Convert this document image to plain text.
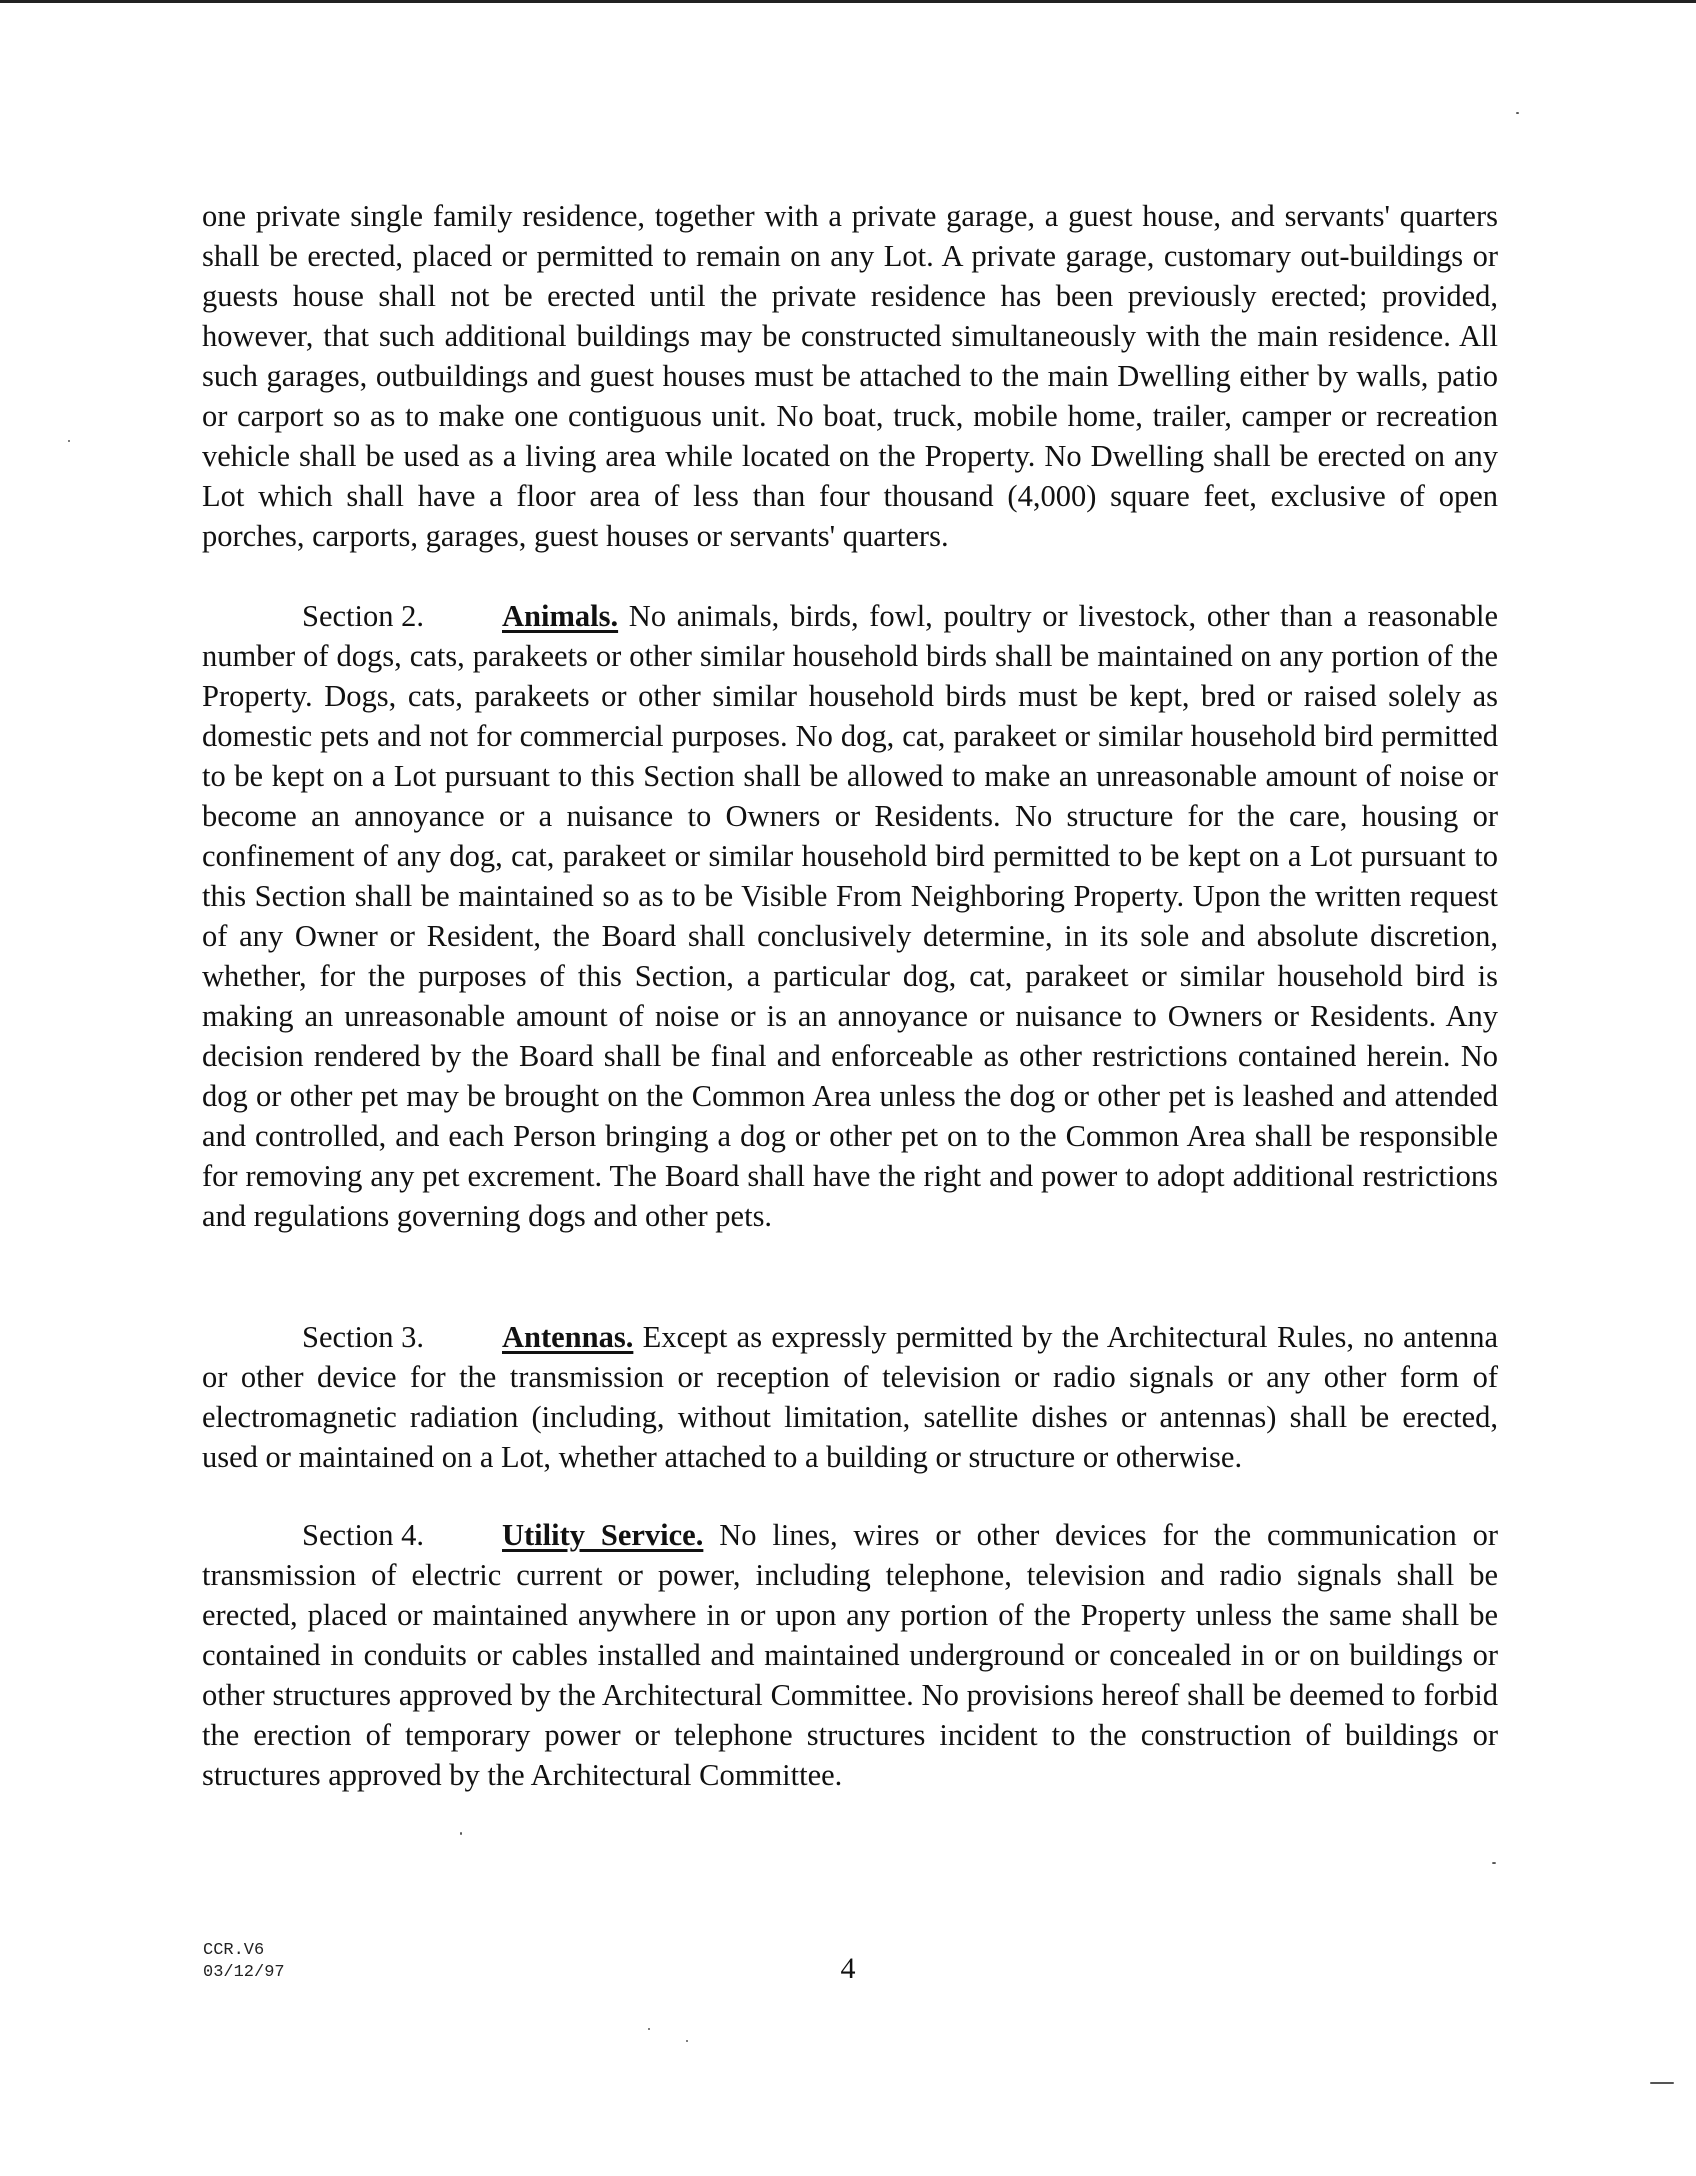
one private single family residence, together with a private garage, a guest house, and servants' quarters shall be erected, placed or permitted to remain on any Lot. A private garage, customary out-buildings or guests house shall not be erected until the private residence has been previously erected; provided, however, that such additional buildings may be constructed simultaneously with the main residence. All such garages, outbuildings and guest houses must be attached to the main Dwelling either by walls, patio or carport so as to make one contiguous unit. No boat, truck, mobile home, trailer, camper or recreation vehicle shall be used as a living area while located on the Property. No Dwelling shall be erected on any Lot which shall have a floor area of less than four thousand (4,000) square feet, exclusive of open porches, carports, garages, guest houses or servants' quarters.

Section 2.	Animals. No animals, birds, fowl, poultry or livestock, other than a reasonable number of dogs, cats, parakeets or other similar household birds shall be maintained on any portion of the Property. Dogs, cats, parakeets or other similar household birds must be kept, bred or raised solely as domestic pets and not for commercial purposes. No dog, cat, parakeet or similar household bird permitted to be kept on a Lot pursuant to this Section shall be allowed to make an unreasonable amount of noise or become an annoyance or a nuisance to Owners or Residents. No structure for the care, housing or confinement of any dog, cat, parakeet or similar household bird permitted to be kept on a Lot pursuant to this Section shall be maintained so as to be Visible From Neighboring Property. Upon the written request of any Owner or Resident, the Board shall conclusively determine, in its sole and absolute discretion, whether, for the purposes of this Section, a particular dog, cat, parakeet or similar household bird is making an unreasonable amount of noise or is an annoyance or nuisance to Owners or Residents. Any decision rendered by the Board shall be final and enforceable as other restrictions contained herein. No dog or other pet may be brought on the Common Area unless the dog or other pet is leashed and attended and controlled, and each Person bringing a dog or other pet on to the Common Area shall be responsible for removing any pet excrement. The Board shall have the right and power to adopt additional restrictions and regulations governing dogs and other pets.

Section 3.	Antennas. Except as expressly permitted by the Architectural Rules, no antenna or other device for the transmission or reception of television or radio signals or any other form of electromagnetic radiation (including, without limitation, satellite dishes or antennas) shall be erected, used or maintained on a Lot, whether attached to a building or structure or otherwise.

Section 4.	Utility Service. No lines, wires or other devices for the communication or transmission of electric current or power, including telephone, television and radio signals shall be erected, placed or maintained anywhere in or upon any portion of the Property unless the same shall be contained in conduits or cables installed and maintained underground or concealed in or on buildings or other structures approved by the Architectural Committee. No provisions hereof shall be deemed to forbid the erection of temporary power or telephone structures incident to the construction of buildings or structures approved by the Architectural Committee.

CCR.V6
03/12/97	4
